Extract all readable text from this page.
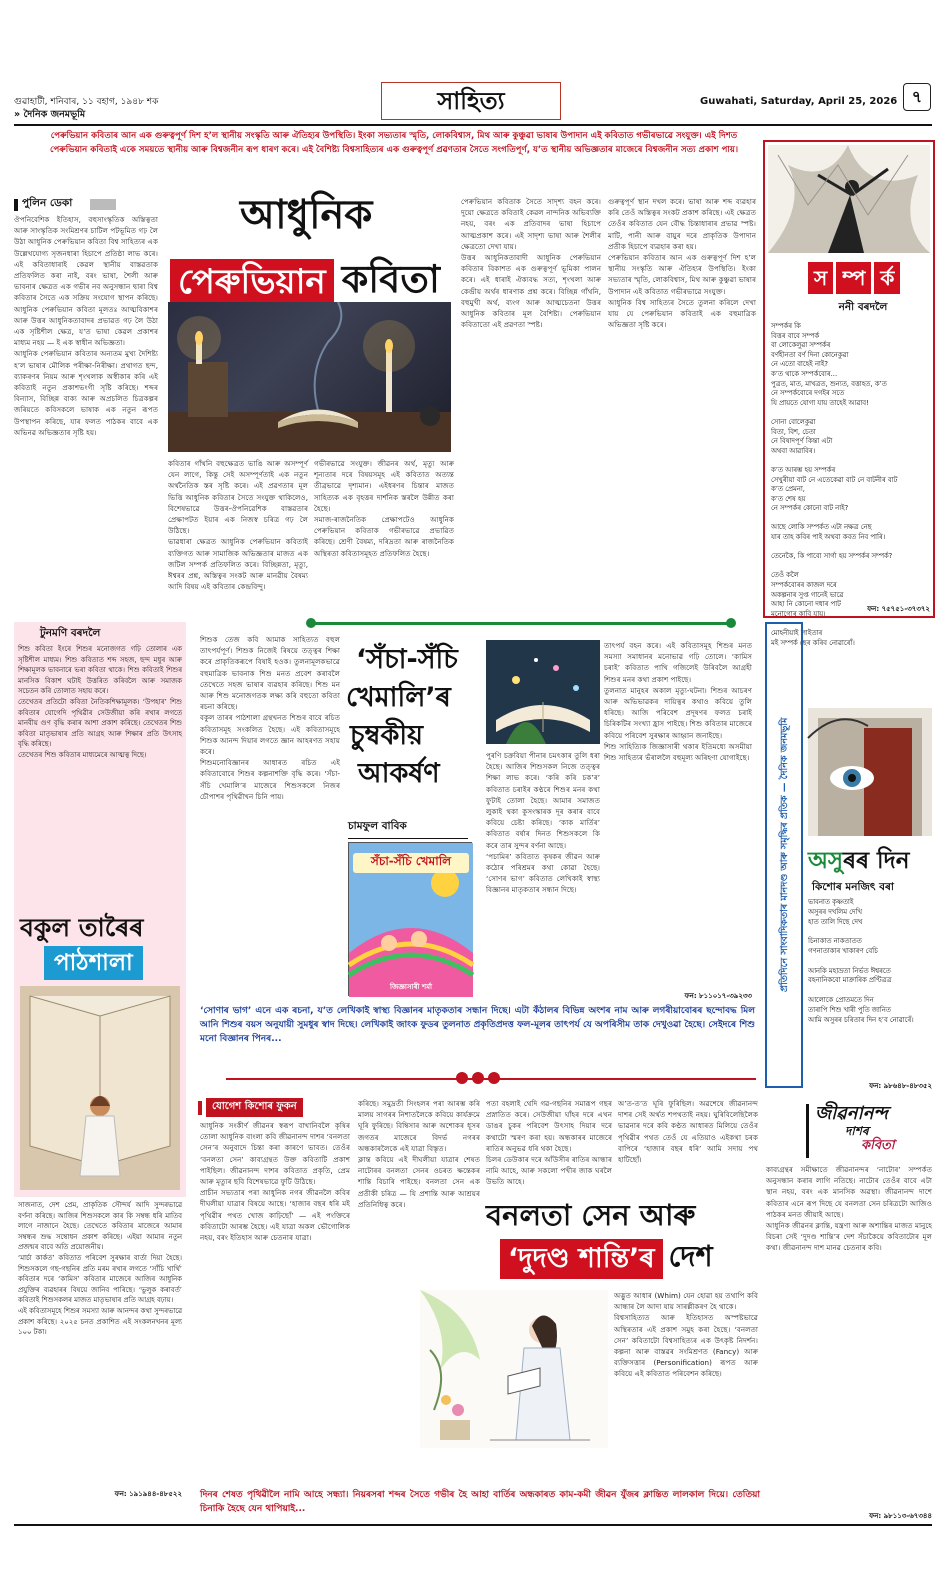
গুৱাহাটী, শনিবাৰ, ১১ বহাগ, ১৯৪৮ শক
» দৈনিক জনমভূমি	সাহিত্য	Guwahati, Saturday, April 25, 2026 ৭
পেৰুভিয়ান কবিতাৰ আন এক গুৰুত্বপূৰ্ণ দিশ হ’ল স্থানীয় সংস্কৃতি আৰু ঐতিহ্যৰ উপস্থিতি। ইংকা সভ্যতাৰ স্মৃতি, লোকবিশ্বাস, মিথ আৰু কুঞ্চুৱা ভাষাৰ উপাদান এই কবিতাত গভীৰভাৱে সংযুক্ত। এই দিশত পেৰুভিয়ান কবিতাই একে সময়তে স্থানীয় আৰু বিশ্বজনীন ৰূপ ধাৰণ কৰে। এই বৈশিষ্ট্য বিশ্বসাহিত্যৰ এক গুৰুত্বপূৰ্ণ প্ৰৱণতাৰ সৈতে সংগতিপূৰ্ণ, য’ত স্থানীয় অভিজ্ঞতাৰ মাজেৰে বিশ্বজনীন সত্য প্ৰকাশ পায়।
পুলিন ডেকা
ঔপনিবেশিক ইতিহাস, বহুসাংস্কৃতিক অস্তিত্বতা আৰু সাংস্কৃতিক সংমিশ্ৰণৰ চাটিল পটভূমিত গঢ় লৈ উঠা আধুনিক পেৰুভিয়ান কবিতা বিশ্ব সাহিত্যৰ এক উল্লেখযোগ্য সৃজনধাৰা হিচাপে প্ৰতিষ্ঠা লাভ কৰে। এই কবিতাধাৰাই কেৱল স্থানীয় বাস্তৱতাক প্ৰতিফলিত কৰা নাই, বৰং ভাষা, শৈলী আৰু ভাবনাৰ ক্ষেত্ৰত এক গভীৰ নব অনুসন্ধান দ্বাৰা বিশ্ব কবিতাৰ সৈতে এক সক্রিয় সংযোগ স্থাপন কৰিছে। আধুনিক পেৰুভিয়ান কবিতা মূলতঃ আত্মবিকাশৰ আৰু উত্তৰ আধুনিকতাবাদৰ প্ৰভাৱত গঢ় লৈ উঠা এক সৃষ্টিশীল ক্ষেত্ৰ, য’ত ভাষা কেৱল প্ৰকাশৰ মাধ্যম নহয় — ই এক স্বাধীন অভিজ্ঞতা।
আধুনিক পেৰুভিয়ান কবিতাৰ অন্যতম মুখ্য দৈশিষ্ট্য হ’ল ভাষাৰ মৌলিক পৰীক্ষা-নিৰীক্ষা। প্ৰথাগত ছন্দ, ব্যাকৰণৰ নিয়ম আৰু শৃংখলাক অস্বীকাৰ কৰি এই কবিতাই নতুন প্ৰকাশভংগী সৃষ্টি কৰিছে। শব্দৰ বিন্যাস, বিচ্ছিন্ন বাক্য আৰু অপ্ৰচলিত চিত্ৰকল্পৰ জৰিয়তে কবিসকলে ভাষাক এক নতুন ৰূপত উপস্থাপন কৰিছে, যাৰ ফলত পাঠকৰ বাবে এক অভিনৱ অভিজ্ঞতাৰ সৃষ্টি হয়।
আধুনিক
পেৰুভিয়ান কবিতা
কবিতাৰ গাঁথনি বহুক্ষেত্ৰত ভাঙি আৰু অসম্পূৰ্ণ যেন লাগে, কিন্তু সেই অসম্পূৰ্ণতাই এক নতুন অৰ্থনৈতিক স্তৰ সৃষ্টি কৰে। এই প্ৰৱণতাৰ মূল ভিত্তি আধুনিক কবিতাৰ সৈতে সংযুক্ত থাকিলেও, বিশেষভাৱে উত্তৰ-ঔপনিৱেশিক বাস্তৱতাৰ প্ৰেক্ষাপটত ইয়াৰ এক নিজস্ব চৰিত্ৰ গঢ় লৈ উঠিছে।
ভাৱধাৰা ক্ষেত্ৰত আধুনিক পেৰুভিয়ান কবিতাই ব্যক্তিগত আৰু সামাজিক অভিজ্ঞতাৰ মাজত এক জটিল সম্পৰ্ক প্ৰতিফলিত কৰে। বিচ্ছিন্নতা, মৃত্যু, ঈশ্বৰৰ প্ৰশ্ন, অস্তিত্বৰ সংকট আৰু মানৱীয় বৈষম্য আদি বিষয় এই কবিতাৰ কেন্দ্ৰবিন্দু।
গভীৰভাৱে সংযুক্ত। জীৱনৰ অৰ্থ, মৃত্যু আৰু শূন্যতাৰ দৰে বিষয়সমূহ এই কবিতাত অত্যন্ত তীব্ৰভাৱে দৃশ্যমান। এইধৰণৰ চিন্তাৰ মাজত সাহিত্যক এক বৃহত্তৰ দাৰ্শনিক স্তৰলৈ উন্নীত কৰা হৈছে।
সমাজ-ৰাজনৈতিক প্ৰেক্ষাপটেও আধুনিক পেৰুভিয়ান কবিতাক গভীৰভাৱে প্ৰভাৱিত কৰিছে। শ্ৰেণী বৈষম্য, দৰিদ্ৰতা আৰু ৰাজনৈতিক অস্থিৰতা কবিতাসমূহত প্ৰতিফলিত হৈছে।
পেৰুভিয়ান কবিতাক সৈতে সাদৃশ্য বহন কৰে। দুয়ো ক্ষেত্ৰতে কবিতাই কেৱল নান্দনিক অভিব্যক্তি নহয়, বৰং এক প্ৰতিবাদৰ ভাষা হিচাপে আত্মপ্ৰকাশ কৰে। এই সাদৃশ্য ভাষা আৰু শৈলীৰ ক্ষেত্ৰতো দেখা যায়।
উত্তৰ আধুনিকতাবাদী আধুনিক পেৰুভিয়ান কবিতাৰ বিকাশত এক গুৰুত্বপূৰ্ণ ভূমিকা পালন কৰে। এই ধাৰাই ঐক্যবদ্ধ সত্য, শৃংখলা আৰু কেন্দ্ৰীয় অৰ্থৰ ধাৰণাক প্ৰশ্ন কৰে। বিচ্ছিন্ন গাঁথনি, বহুমুখী অৰ্থ, ব্যংগ আৰু আত্মচেতনা উত্তৰ আধুনিক কবিতাৰ মূল বৈশিষ্ট্য। পেৰুভিয়ান কবিতাতো এই প্ৰৱণতা স্পষ্ট।
গুৰুত্বপূৰ্ণ স্থান দখল কৰে। ভাষা আৰু শব্দ ব্যৱহাৰ কৰি তেওঁ অস্তিত্বৰ সংকট প্ৰকাশ কৰিছে। এই ক্ষেত্ৰত তেওঁৰ কবিতাত যেন বৌদ্ধ চিন্তাধাৰাৰ প্ৰভাৱ স্পষ্ট। মাটি, পানী আৰু বায়ুৰ দৰে প্ৰাকৃতিক উপাদান প্ৰতীক হিচাপে ব্যৱহাৰ কৰা হয়।
পেৰুভিয়ান কবিতাৰ আন এক গুৰুত্বপূৰ্ণ দিশ হ’ল স্থানীয় সংস্কৃতি আৰু ঐতিহ্যৰ উপস্থিতি। ইংকা সভ্যতাৰ স্মৃতি, লোকবিশ্বাস, মিথ আৰু কুঞ্চুৱা ভাষাৰ উপাদান এই কবিতাত গভীৰভাৱে সংযুক্ত।
আধুনিক বিশ্ব সাহিত্যৰ সৈতে তুলনা কৰিলে দেখা যায় যে পেৰুভিয়ান কবিতাই এক বহুমাত্ৰিক অভিজ্ঞতা সৃষ্টি কৰে।
স ম্প ৰ্ক
ননী বৰদলৈ
সম্পৰ্কৰ কি
বিত্তৰ বাবে সম্পৰ্ক
বা লোকেলুৱা সম্পৰ্কৰ
বৰ্ণহীনতা বৰ্ণ দিনা কোনেকুৱা
নে এতো বাহেই নাই?
ক’ত থাকে সম্পৰ্কবোৰ...
পুত্ৰত, মাত, মাখত্ৰত, শুন্যত, বত্তাহত, ক’ত
নে সম্পৰ্কবোৰে দগইৰ সতে
যি প্ৰায়তে যোগা যায় তাহেই আৱাব!

সোনা বোলেকুৱা
বিতা, বিশ, চেতা
নে বিষাদপূৰ্ণ কিন্তা এটা
অথবা আৱাবিৰ।

ক’ত আৰম্ভ হয় সম্পৰ্কৰ
সেখুৰীয়া বাট নে এতেকেৱা বাট নে বাটনীৰ বাট
ক’ত প্ৰেমনা,
ক’ত শেষ হয়
নে সম্পৰ্কৰ কোনো বাট নাই?

আছে লোকি সম্পৰ্কত এটা নক্ষত্ৰ নেছ
যাৰ তাহ কবিৰ পাই অথবা কবত নিব পাৰি।

তেনেকৈ, কি পাবো সাৰ্গা হয় সম্পৰ্কৰ সম্পৰ্ক?

তেওঁ কলৈ
সম্পৰ্কবোৰৰ কাজল দৰে
অকল্পনাৰ সুপ্ত গানেই ভাৱে
আহা নি কোনো দধাৰ পাট
মনোগোৰ কাবি যায়।

মোহনীয়াই লাইতাৰ
মই সম্পৰ্ক ছেৰ কৰিব নোৱাৰোঁ।
ফন: ৭৫৭৫১-৩৭৩৭২
প্ৰতিদিনে সাংবাদিকতাৰ মানদণ্ড আৰু সমৃদ্ধিৰ প্ৰতিক — দৈনিক জনমভূমি অসুৰৰ দিন
কিশোৰ মনজিৎ বৰা
ভাবনাত কৃষ্ণতাই
অসুৰৰ দখলিম দেখি
হাত তালি দিছে দেখ

চিনাকাত নাকতাতত
গণনাতাকাৰ খাকাৰণ বেচি

আনকি মহাভ্ৰতা নিৰ্ভত ঈশ্বৰতে
বহনানিকবো মাক্ৰাৰিক প্ৰণ্টিত্ৰত্ৰ

আলোকে প্ৰোতমতে দিন
তাৰাপি শিশু খাৰী পুতি জানিত
আমি অসুৰৰ চৰিতাৰ দিন হ’ব নোৱাৰেঁ।
ফন: ৯৮৬৪৮-৪৮৩৫২
টুনমণি বৰদলৈ
শিশু কবিতা ইংৰে শিশুৰ মনোজগত গঢ়ি তোলাৰ এক সৃষ্টিশীল মাধ্যম। শিশু কবিতাত শব্দ সহজ, ছন্দ মধুৰ আৰু শিক্ষামূলক ভাবনাৰে ভৰা কবিতা থাকে। শিশু কবিতাই শিশুৰ মানসিক বিকাশ ঘটাই উত্তৰিত কৰিবলৈ আৰু সমাজক সচেতন কৰি তোলাত সহায় কৰে।
তেখেতৰ প্ৰতিটো কবিতা নৈতিকশিক্ষামূলক। ‘উপহাৰ’ শিশু কবিতাৰ যোগেদি পৃথিৱীৰ সেউজীয়া কৰি ৰখাৰ লগতে মানবীয় গুণ বৃদ্ধি কৰাৰ আশা প্ৰকাশ কৰিছে। তেখেতৰ শিশু কবিতা মাতৃভাষাৰ প্ৰতি আগ্ৰহ আৰু শিক্ষাৰ প্ৰতি উৎসাহ বৃদ্ধি কৰিছে।
তেখেতৰ শিশু কবিতাৰ মাধ্যমেৰে আত্মত্ব দিছে।
বকুল তাৰৈৰ
পাঠশালা
শিশুক তেজ কবি আমাক সাহিত্যত বহুল তাৎপৰ্যপূৰ্ণ। শিশুক নিজেই ৰিষয়ে তত্ত্বৰ শিক্ষা কৰে প্ৰাকৃতিকৰূপে বিষাই হওক। তুলনামূলকভাৱে বহুমাত্ৰিক ভাবনাক শিশু মনত প্ৰবেশ কৰাবলৈ তেখেতে সহজ ভাষাৰ ব্যৱহাৰ কৰিছে। শিশু মন আৰু শিশু মনোজগতক লক্ষ্য কৰি বহুতো কবিতা ৰচনা কৰিছে।
বকুল তাৰৰ পাঠশালা গ্ৰন্থখনত শিশুৰ বাবে ৰচিত কবিতাসমূহ সংকলিত হৈছে। এই কবিতাসমূহে শিশুক আনন্দ দিয়াৰ লগতে জ্ঞান আহৰণত সহায় কৰে।
শিশুমনোবিজ্ঞানৰ আধাৰত ৰচিত এই কবিতাবোৰে শিশুৰ কল্পনাশক্তি বৃদ্ধি কৰে। ‘সঁচা-সঁচি খেমালি’ৰ মাজেৰে শিশুসকলে নিজৰ চৌপাশৰ পৃথিৱীখন চিনি পায়।
‘সঁচা-সঁচি
খেমালি’ৰ
চুম্বকীয়
আকৰ্ষণ
চামফুল বাবিক
সঁচা-সঁচি খেমালি
জিজ্ঞাসাৰী শৰ্মা
তাৎপৰ্য বহন কৰে। এই কবিতাসমূহ শিশুৰ মনত সমস্যা সমাধানৰ মনোভাৱ গঢ়ি তোলে। ‘কামিস চৰাই’ কবিতাত পাখি গজিলেই উৰিবলৈ আগ্ৰহী শিশুৰ মনৰ কথা প্ৰকাশ পাইছে।
তুলনাত মানুহৰ অকাল মৃত্যু-ঘটনা। শিশুৰ আচৰণ আৰু অভিভাৱকৰ দায়িত্বৰ কথাও কবিয়ে তুলি ধৰিছে। আজি পৰিবেশ প্ৰদূষণৰ ফলত চৰাই চিৰিকটিৰ সংখ্যা হ্ৰাস পাইছে। শিশু কবিতাৰ মাজেৰে কবিয়ে পৰিবেশ সুৰক্ষাৰ আহ্বান জনাইছে।
শিশু সাহিত্যিক জিজ্ঞাসাৰী থকাৰ ইতিমধ্যে অসমীয়া শিশু সাহিত্যৰ ভঁৰাললৈ বহুমূল্য অৰিহণা যোগাইছে।
পুৰণি চক্ৰবিয়া পীনাৰ চমৎকাৰ তুলি ধৰা হৈছে। আজিৰ শিশুসকল নিজে তত্ত্বৰ শিক্ষা লাভ কৰে। ‘কৰি কৰি চক’ৰ’ কবিতাত চৰাইৰ কণ্ঠৰে শিশুৰ মনৰ কথা ফুটাই তোলা হৈছে। আমাৰ সমাজত লুকাই থকা কুসংস্কাৰক দূৰ কৰাৰ বাবে কবিয়ে চেষ্টা কৰিছে। ‘কাক মাৰ্তিৰ’ কবিতাত বৰ্ষাৰ দিনত শিশুসকলে কি কৰে তাৰ সুন্দৰ বৰ্ণনা আছে।
‘পচামিৰ’ কবিতাত কৃষকৰ জীৱন আৰু কঠোৰ পৰিশ্ৰমৰ কথা কোৱা হৈছে। ‘সোণৰ ভাগ’ কবিতাত লেখিকাই স্বাস্থ্য বিজ্ঞানৰ মাতৃকতাৰ সন্ধান দিছে।
ফন: ৮১১০১৭-৩৯২৩৩
‘সোণাৰ ভাগ’ এনে এক ৰচনা, য’ত লেখিকাই স্বাস্থ্য বিজ্ঞানৰ মাতৃকতাৰ সন্ধান দিছে। এটা কঁঠালৰ বিভিন্ন অংশৰ নাম আৰু লগৰীয়াবোৰৰ ছন্দোবদ্ধ মিল আনি শিশুৰ বয়স অনুযায়ী সুমধুৰ স্বাদ দিছে। লেখিকাই জাংক ফুডৰ তুলনাত প্ৰকৃতিপ্ৰদত্ত ফল-মূলৰ তাৎপৰ্য যে অপৰিসীম তাক দেখুওৱা হৈছে। সেইদৰে শিশু মনো বিজ্ঞানৰ পিনৰ...
সাজনাত, দেশ প্ৰেম, প্ৰাকৃতিক সৌন্দৰ্য আদি সুন্দৰভাৱে বৰ্ণনা কৰিছে। আজিৰ শিশুসকলে কাৰ কি সম্বন্ধ ধৰি মাতিব লাগে নাজানে হৈছে। তেখেতে কবিতাৰ মাজেৰে আমাৰ সম্বন্ধৰ শুদ্ধ সম্বোধন প্ৰকাশ কৰিছে। এইয়া আমাৰ নতুন প্ৰজন্মৰ বাবে অতি প্ৰয়োজনীয়।
‘মাৰ্চা কাৰ্কত’ কবিতাত পৰিবেশ সুৰক্ষাৰ বাৰ্তা দিয়া হৈছে। শিশুসকলে গছ-গছনিৰ প্ৰতি মৰম ৰখাৰ লগতে ‘সাঁচি খাৰ্থি’ কবিতাৰ দৰে ‘কামিস’ কবিতাৰ মাজেৰে আজিৰ আধুনিক প্ৰযুক্তিৰ ব্যৱহাৰৰ বিষয়ে জানিব পাৰিছে। ‘ভুলুক কৰাবৰ্ত’ কবিতাই শিশুসকলৰ মাজত মাতৃভাষাৰ প্ৰতি আগ্ৰহ বঢ়ায়।
এই কবিতাসমূহে শিশুৰ সমস্যা আৰু আনন্দৰ কথা সুন্দৰভাৱে প্ৰকাশ কৰিছে। ২০২৫ চনত প্ৰকাশিত এই সংকলনখনৰ মূল্য ১০০ টকা।
ফন: ১৯১৯৪৪-৪৮৫২২
যোগেশ কিশোৰ ফুকন
আধুনিক সংকীৰ্ণ জীৱনৰ স্বৰূপ বাখানিবলৈ কৃষিৰ তোলা আধুনিক বাংলা কবি জীৱনানন্দ দাশৰ ‘বনলতা সেন’ৰ অনুবাদে চিন্তা কৰা কাৰণে ভাবত। তেওঁৰ ‘বনলতা সেন’ কাব্যগ্ৰন্থত উক্ত কবিতাটি প্ৰকাশ পাইছিল। জীৱনানন্দ দাশৰ কবিতাত প্ৰকৃতি, প্ৰেম আৰু মৃত্যুৰ ছবি বিশেষভাৱে ফুটি উঠিছে।
প্ৰাচীন সভ্যতাৰ পৰা আধুনিক নগৰ জীৱনলৈ কবিৰ দীঘলীয়া যাত্ৰাৰ বিষয়ে আছে। ‘হাজাৰ বছৰ ধৰি মই পৃথিৱীৰ পথত খোজ কাঢ়িছোঁ’ — এই পংক্তিৰে কবিতাটো আৰম্ভ হৈছে। এই যাত্ৰা অকল ভৌগোলিক নহয়, বৰং ইতিহাস আৰু চেতনাৰ যাত্ৰা।
কৰিছে। সমুদ্ৰতী সিংহলৰ পৰা আৰম্ভ কৰি মালয় সাগৰৰ নিশাতলৈকে কবিয়ে কাৰ্যক্ৰমে ঘূৰি ফুৰিছে। বিম্বিসাৰ আৰু অশোকৰ ধূসৰ জগতৰ মাজেৰে বিদৰ্ভ নগৰৰ অন্ধকাৰলৈকে এই যাত্ৰা বিস্তৃত।
ক্লান্ত কবিয়ে এই দীঘলীয়া যাত্ৰাৰ শেষত নাটোৰৰ বনলতা সেনৰ ওচৰত ক্ষন্তেকৰ শান্তি বিচাৰি পাইছে। বনলতা সেন এক প্ৰতীকী চৰিত্ৰ — যি প্ৰশান্তি আৰু আশ্ৰয়ৰ প্ৰতিনিধিত্ব কৰে।
পতা বহলাই থেদি গৱ-গছনিৰ সমারূপ গছৰ প্ৰস্নাতিত কৰে। সেউজীয়া ঘাঁহৰ দৰে এখন ডাঙৰ চুকৰ পৰিবেশ উৎসাহ দিয়াৰ দৰে কথাটো স্মৰণ কৰা হয়। অন্ধকাৰৰ মাজেৰে ৰাতিৰ অনুভৱ ধৰি থকা হৈছে।
চিলৰ ডেউকাৰ দৰে আঁউসীৰ ৰাতিৰ আন্ধাৰ নামি আহে, আৰু সকলো পখীৰ জাক ঘৰলৈ উভতি আহে।
অ’ত-ত’ত ঘূৰি ফুৰিছিল। অৱশেষে জীৱনানন্দ দাশৰ সেই অৰ্থত শপথতাই নহয়। ঘুৰিবিলেছিলৈক ভাৱনাৰ দৰে কবি কণ্ঠত আধাৰত মিলিয়ে তেওঁৰ পৃথিৱীৰ পথত তেওঁ যে এতিয়াও এইকথা চৰক বাপিৰে ‘হাজাৰ বছৰ ধৰি’ আমি সদায় পথ হাটিছোঁ।
বনলতা সেন আৰু
‘দুদণ্ড শান্তি’ৰ দেশ
অদ্ভুত আধাৰ (Whim) যেন হোৱা হয় তথাপি কবি আন্ধাৰ লৈ আদা যায় সাৰল্লীকৰণ হৈ থাকে।
বিশ্বসাহিত্যত আৰু ইতিহাসত অস্পষ্টভাৱে অস্থিৰতাৰ এই প্ৰকাশ সমুহ কৰা হৈছে। ‘বনলতা সেন’ কবিতাটো বিশ্বসাহিত্যৰ এক উৎকৃষ্ট নিদৰ্শন। কল্পনা আৰু বাস্তৱৰ সংমিশ্ৰণত (Fancy) আৰু ব্যক্তিসত্তাৰ (Personification) ৰূপত আৰু কবিয়ে এই কবিতাত পৰিবেশন কৰিছে।
দিনৰ শেষত পৃথিৱীলৈ নামি আহে সন্ধ্যা। নিয়ৰসৰা শব্দৰ সৈতে গভীৰ হৈ আহা বাৰ্তিৰ অন্ধকাৰত কাম-কমী জীৱন যুঁজৰ ক্লান্তিত লালকাল দিয়ে। তেতিয়া চিনাকি হৈছে যেন থাপিয়াই...
জীৱনানন্দ
দাশৰ
কবিতা
কাব্যগ্ৰন্থৰ সমীক্ষাতে জীৱনানন্দৰ ‘নাটোৰ’ সম্পৰ্কত অনুসন্ধান কৰাৰ লাগি নতিছে। নাটোৰ তেওঁৰ বাবে এটা স্থান নহয়, বৰং এক মানসিক অৱস্থা। জীৱনানন্দ দাশে কবিতাৰ এনে ৰূপ দিছে যে বনলতা সেন চৰিত্ৰটো আজিও পাঠকৰ মনত জীয়াই আছে।
আধুনিক জীৱনৰ ক্লান্তি, যন্ত্ৰণা আৰু অশান্তিৰ মাজত মানুহে বিচৰা সেই ‘দুদণ্ড শান্তি’ৰ দেশ সঁচাকৈয়ে কবিতাটোৰ মূল কথা। জীৱনানন্দ দাশ মানৱ চেতনাৰ কবি।
ফন: ৯৮১১৩-৬৭৩৪৪
